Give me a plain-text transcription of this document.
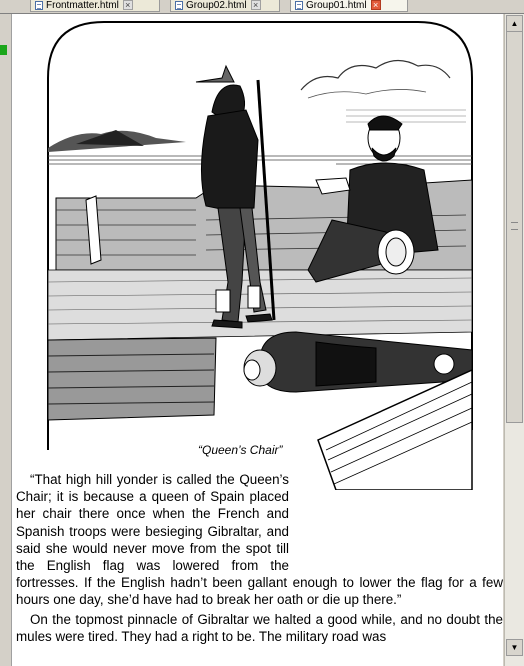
Frontmatter.html ×	Group02.html ×	Group01.html ×
“Queen’s Chair”

“That high hill yonder is called the Queen’s Chair; it is because a queen of Spain placed her chair there once when the French and Spanish troops were besieging Gibraltar, and said she would never move from the spot till the English flag was lowered from the fortresses. If the English hadn’t been gallant enough to lower the flag for a few hours one day, she’d have had to break her oath or die up there.”

On the topmost pinnacle of Gibraltar we halted a good while, and no doubt the mules were tired. They had a right to be. The military road was

▲
▼
